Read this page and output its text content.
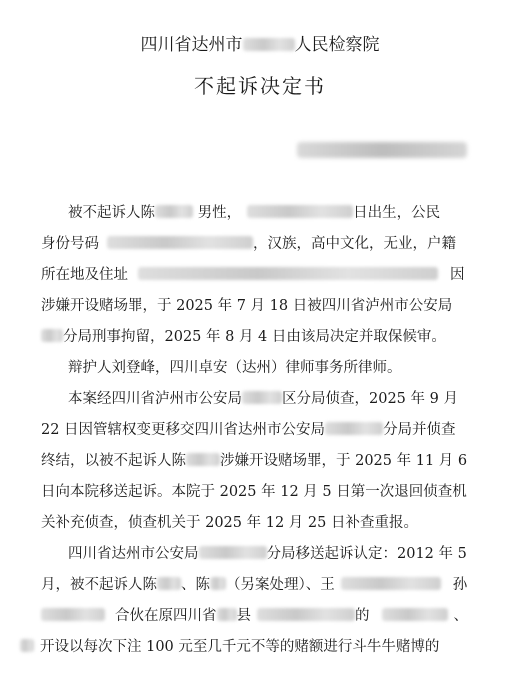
四川省达州市	人民检察院
不起诉决定书
被不起诉人陈	男性，	日出生，公民
身份号码	，汉族，高中文化，无业，户籍
所在地及住址	因
涉嫌开设赌场罪，于 2025 年 7 月 18 日被四川省泸州市公安局
分局刑事拘留，2025 年 8 月 4 日由该局决定并取保候审。
辩护人刘登峰，四川卓安（达州）律师事务所律师。
本案经四川省泸州市公安局	区分局侦查，2025 年 9 月
22 日因管辖权变更移交四川省达州市公安局	分局并侦查
终结，以被不起诉人陈 涉嫌开设赌场罪，于 2025 年 11 月 6
日向本院移送起诉。本院于 2025 年 12 月 5 日第一次退回侦查机
关补充侦查，侦查机关于 2025 年 12 月 25 日补查重报。
四川省达州市公安局	分局移送起诉认定：2012 年 5
月，被不起诉人陈 、陈 （另案处理）、王	孙
合伙在原四川省 县	的	、
开设以每次下注 100 元至几千元不等的赌额进行斗牛牛赌博的
